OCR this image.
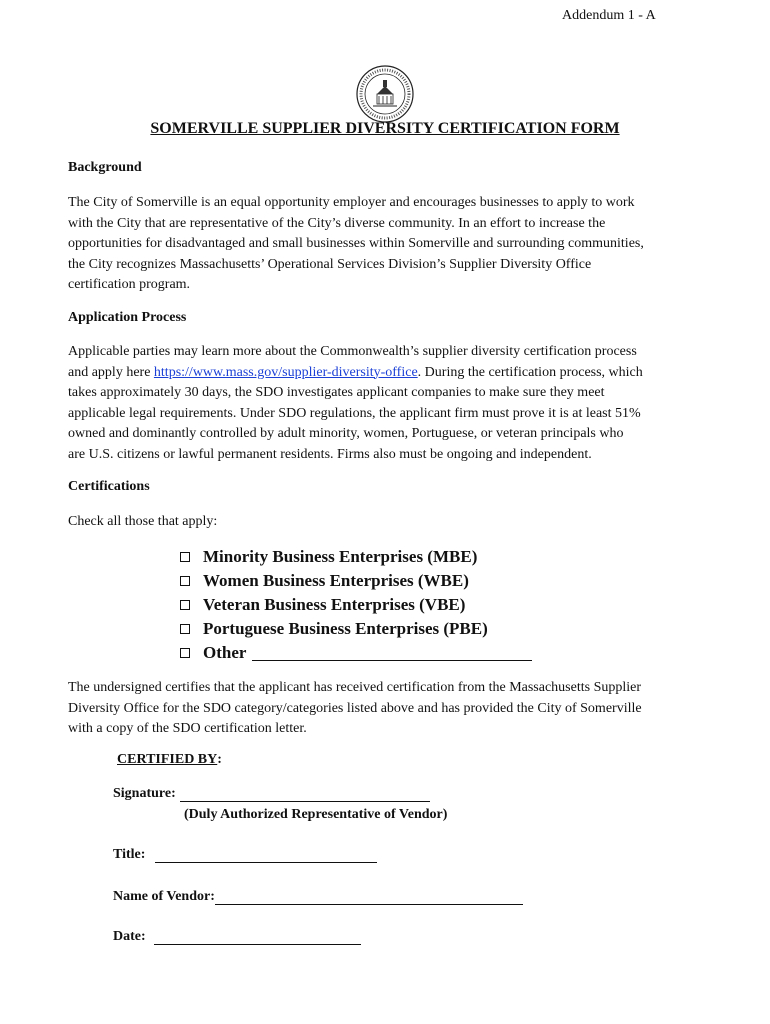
Addendum 1 - A
SOMERVILLE SUPPLIER DIVERSITY CERTIFICATION FORM
Background
The City of Somerville is an equal opportunity employer and encourages businesses to apply to work
with the City that are representative of the City’s diverse community. In an effort to increase the
opportunities for disadvantaged and small businesses within Somerville and surrounding communities,
the City recognizes Massachusetts’ Operational Services Division’s Supplier Diversity Office
certification program.
Application Process
Applicable parties may learn more about the Commonwealth’s supplier diversity certification process
and apply here https://www.mass.gov/supplier-diversity-office. During the certification process, which
takes approximately 30 days, the SDO investigates applicant companies to make sure they meet
applicable legal requirements. Under SDO regulations, the applicant firm must prove it is at least 51%
owned and dominantly controlled by adult minority, women, Portuguese, or veteran principals who
are U.S. citizens or lawful permanent residents. Firms also must be ongoing and independent.
Certifications
Check all those that apply:
Minority Business Enterprises (MBE)
Women Business Enterprises (WBE)
Veteran Business Enterprises (VBE)
Portuguese Business Enterprises (PBE)
Other
The undersigned certifies that the applicant has received certification from the Massachusetts Supplier
Diversity Office for the SDO category/categories listed above and has provided the City of Somerville
with a copy of the SDO certification letter.
CERTIFIED BY:
Signature:
(Duly Authorized Representative of Vendor)
Title:
Name of Vendor:
Date:
